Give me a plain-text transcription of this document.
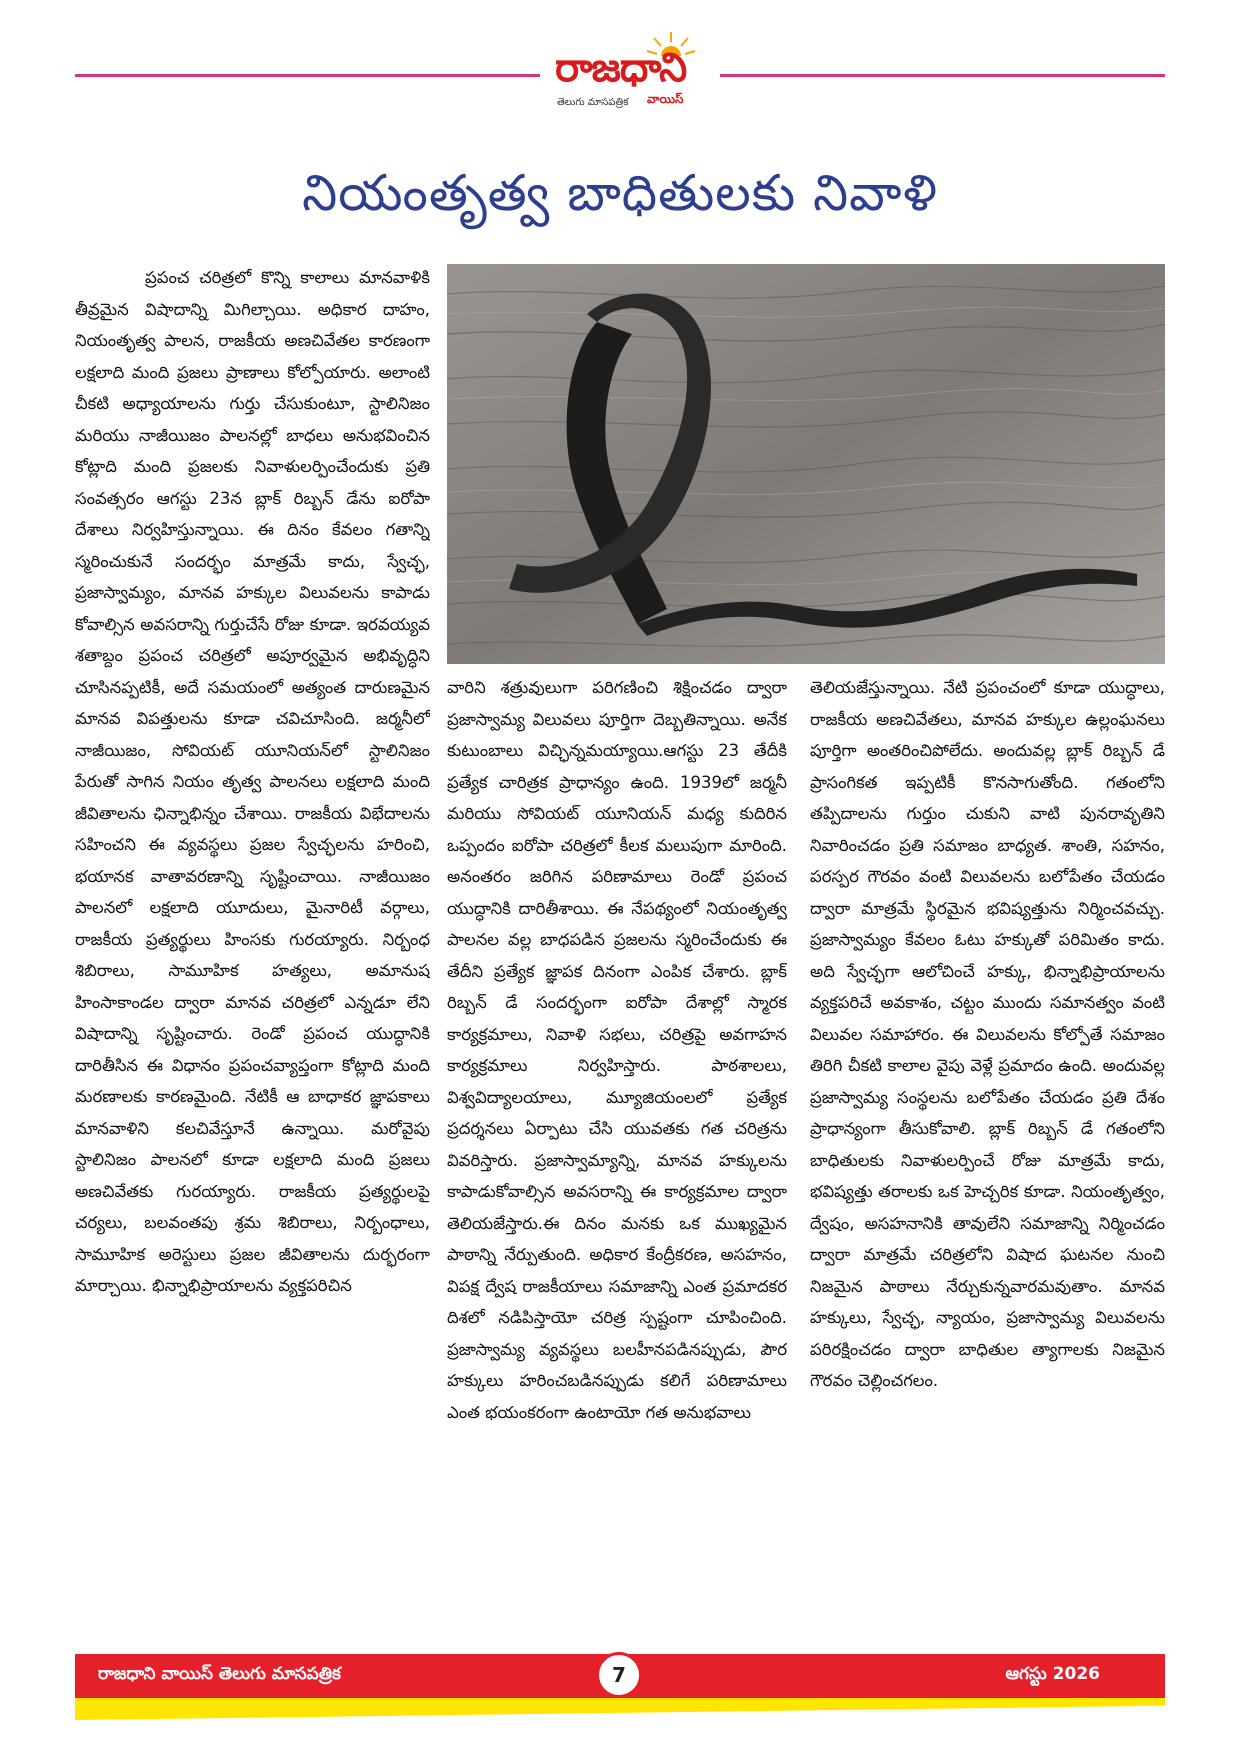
రాజధాని
తెలుగు మాసపత్రిక వాయిస్
నియంతృత్వ బాధితులకు నివాళి
ప్రపంచ చరిత్రలో కొన్ని కాలాలు మానవాళికి తీవ్రమైన విషాదాన్ని మిగిల్చాయి. అధికార దాహం, నియంతృత్వ పాలన, రాజకీయ అణచివేతల కారణంగా లక్షలాది మంది ప్రజలు ప్రాణాలు కోల్పోయారు. అలాంటి చీకటి అధ్యాయాలను గుర్తు చేసుకుంటూ, స్టాలినిజం మరియు నాజీయిజం పాలనల్లో బాధలు అనుభవించిన కోట్లాది మంది ప్రజలకు నివాళులర్పించేందుకు ప్రతి సంవత్సరం ఆగస్టు 23న బ్లాక్ రిబ్బన్ డేను ఐరోపా దేశాలు నిర్వహిస్తున్నాయి. ఈ దినం కేవలం గతాన్ని స్మరించుకునే సందర్భం మాత్రమే కాదు, స్వేచ్ఛ, ప్రజాస్వామ్యం, మానవ హక్కుల విలువలను కాపాడు కోవాల్సిన అవసరాన్ని గుర్తుచేసే రోజు కూడా. ఇరవయ్యవ శతాబ్దం ప్రపంచ చరిత్రలో అపూర్వమైన అభివృద్ధిని చూసినప్పటికీ, అదే సమయంలో అత్యంత దారుణమైన మానవ విపత్తులను కూడా చవిచూసింది. జర్మనీలో నాజీయిజం, సోవియట్ యూనియన్‌లో స్టాలినిజం పేరుతో సాగిన నియం తృత్వ పాలనలు లక్షలాది మంది జీవితాలను ఛిన్నాభిన్నం చేశాయి. రాజకీయ విభేదాలను సహించని ఈ వ్యవస్థలు ప్రజల స్వేచ్ఛలను హరించి, భయానక వాతావరణాన్ని సృష్టించాయి. నాజీయిజం పాలనలో లక్షలాది యూదులు, మైనారిటీ వర్గాలు, రాజకీయ ప్రత్యర్థులు హింసకు గురయ్యారు. నిర్బంధ శిబిరాలు, సామూహిక హత్యలు, అమానుష హింసాకాండల ద్వారా మానవ చరిత్రలో ఎన్నడూ లేని విషాదాన్ని సృష్టించారు. రెండో ప్రపంచ యుద్ధానికి దారితీసిన ఈ విధానం ప్రపంచవ్యాప్తంగా కోట్లాది మంది మరణాలకు కారణమైంది. నేటికీ ఆ బాధాకర జ్ఞాపకాలు మానవాళిని కలచివేస్తూనే ఉన్నాయి. మరోవైపు స్టాలినిజం పాలనలో కూడా లక్షలాది మంది ప్రజలు అణచివేతకు గురయ్యారు. రాజకీయ ప్రత్యర్థులపై చర్యలు, బలవంతపు శ్రమ శిబిరాలు, నిర్బంధాలు, సామూహిక అరెస్టులు ప్రజల జీవితాలను దుర్భరంగా మార్చాయి. భిన్నాభిప్రాయాలను వ్యక్తపరిచిన
వారిని శత్రువులుగా పరిగణించి శిక్షించడం ద్వారా ప్రజాస్వామ్య విలువలు పూర్తిగా దెబ్బతిన్నాయి. అనేక కుటుంబాలు విచ్ఛిన్నమయ్యాయి.ఆగస్టు 23 తేదీకి ప్రత్యేక చారిత్రక ప్రాధాన్యం ఉంది. 1939లో జర్మనీ మరియు సోవియట్ యూనియన్ మధ్య కుదిరిన ఒప్పందం ఐరోపా చరిత్రలో కీలక మలుపుగా మారింది. అనంతరం జరిగిన పరిణామాలు రెండో ప్రపంచ యుద్ధానికి దారితీశాయి. ఈ నేపథ్యంలో నియంతృత్వ పాలనల వల్ల బాధపడిన ప్రజలను స్మరించేందుకు ఈ తేదీని ప్రత్యేక జ్ఞాపక దినంగా ఎంపిక చేశారు. బ్లాక్ రిబ్బన్ డే సందర్భంగా ఐరోపా దేశాల్లో స్మారక కార్యక్రమాలు, నివాళి సభలు, చరిత్రపై అవగాహన కార్యక్రమాలు నిర్వహిస్తారు. పాఠశాలలు, విశ్వవిద్యాలయాలు, మ్యూజియంలలో ప్రత్యేక ప్రదర్శనలు ఏర్పాటు చేసి యువతకు గత చరిత్రను వివరిస్తారు. ప్రజాస్వామ్యాన్ని, మానవ హక్కులను కాపాడుకోవాల్సిన అవసరాన్ని ఈ కార్యక్రమాల ద్వారా తెలియజేస్తారు.ఈ దినం మనకు ఒక ముఖ్యమైన పాఠాన్ని నేర్పుతుంది. అధికార కేంద్రీకరణ, అసహనం, విపక్ష ద్వేష రాజకీయాలు సమాజాన్ని ఎంత ప్రమాదకర దిశలో నడిపిస్తాయో చరిత్ర స్పష్టంగా చూపించింది. ప్రజాస్వామ్య వ్యవస్థలు బలహీనపడినప్పుడు, పౌర హక్కులు హరించబడినప్పుడు కలిగే పరిణామాలు ఎంత భయంకరంగా ఉంటాయో గత అనుభవాలు
తెలియజేస్తున్నాయి. నేటి ప్రపంచంలో కూడా యుద్ధాలు, రాజకీయ అణచివేతలు, మానవ హక్కుల ఉల్లంఘనలు పూర్తిగా అంతరించిపోలేదు. అందువల్ల బ్లాక్ రిబ్బన్ డే ప్రాసంగికత ఇప్పటికీ కొనసాగుతోంది. గతంలోని తప్పిదాలను గుర్తుం చుకుని వాటి పునరావృతిని నివారించడం ప్రతి సమాజం బాధ్యత. శాంతి, సహనం, పరస్పర గౌరవం వంటి విలువలను బలోపేతం చేయడం ద్వారా మాత్రమే స్థిరమైన భవిష్యత్తును నిర్మించవచ్చు. ప్రజాస్వామ్యం కేవలం ఓటు హక్కుతో పరిమితం కాదు. అది స్వేచ్ఛగా ఆలోచించే హక్కు, భిన్నాభిప్రాయాలను వ్యక్తపరిచే అవకాశం, చట్టం ముందు సమానత్వం వంటి విలువల సమాహారం. ఈ విలువలను కోల్పోతే సమాజం తిరిగి చీకటి కాలాల వైపు వెళ్లే ప్రమాదం ఉంది. అందువల్ల ప్రజాస్వామ్య సంస్థలను బలోపేతం చేయడం ప్రతి దేశం ప్రాధాన్యంగా తీసుకోవాలి. బ్లాక్ రిబ్బన్ డే గతంలోని బాధితులకు నివాళులర్పించే రోజు మాత్రమే కాదు, భవిష్యత్తు తరాలకు ఒక హెచ్చరిక కూడా. నియంతృత్వం, ద్వేషం, అసహనానికి తావులేని సమాజాన్ని నిర్మించడం ద్వారా మాత్రమే చరిత్రలోని విషాద ఘటనల నుంచి నిజమైన పాఠాలు నేర్చుకున్నవారమవుతాం. మానవ హక్కులు, స్వేచ్ఛ, న్యాయం, ప్రజాస్వామ్య విలువలను పరిరక్షించడం ద్వారా బాధితుల త్యాగాలకు నిజమైన గౌరవం చెల్లించగలం.
రాజధాని వాయిస్ తెలుగు మాసపత్రిక	7	ఆగస్టు 2026
